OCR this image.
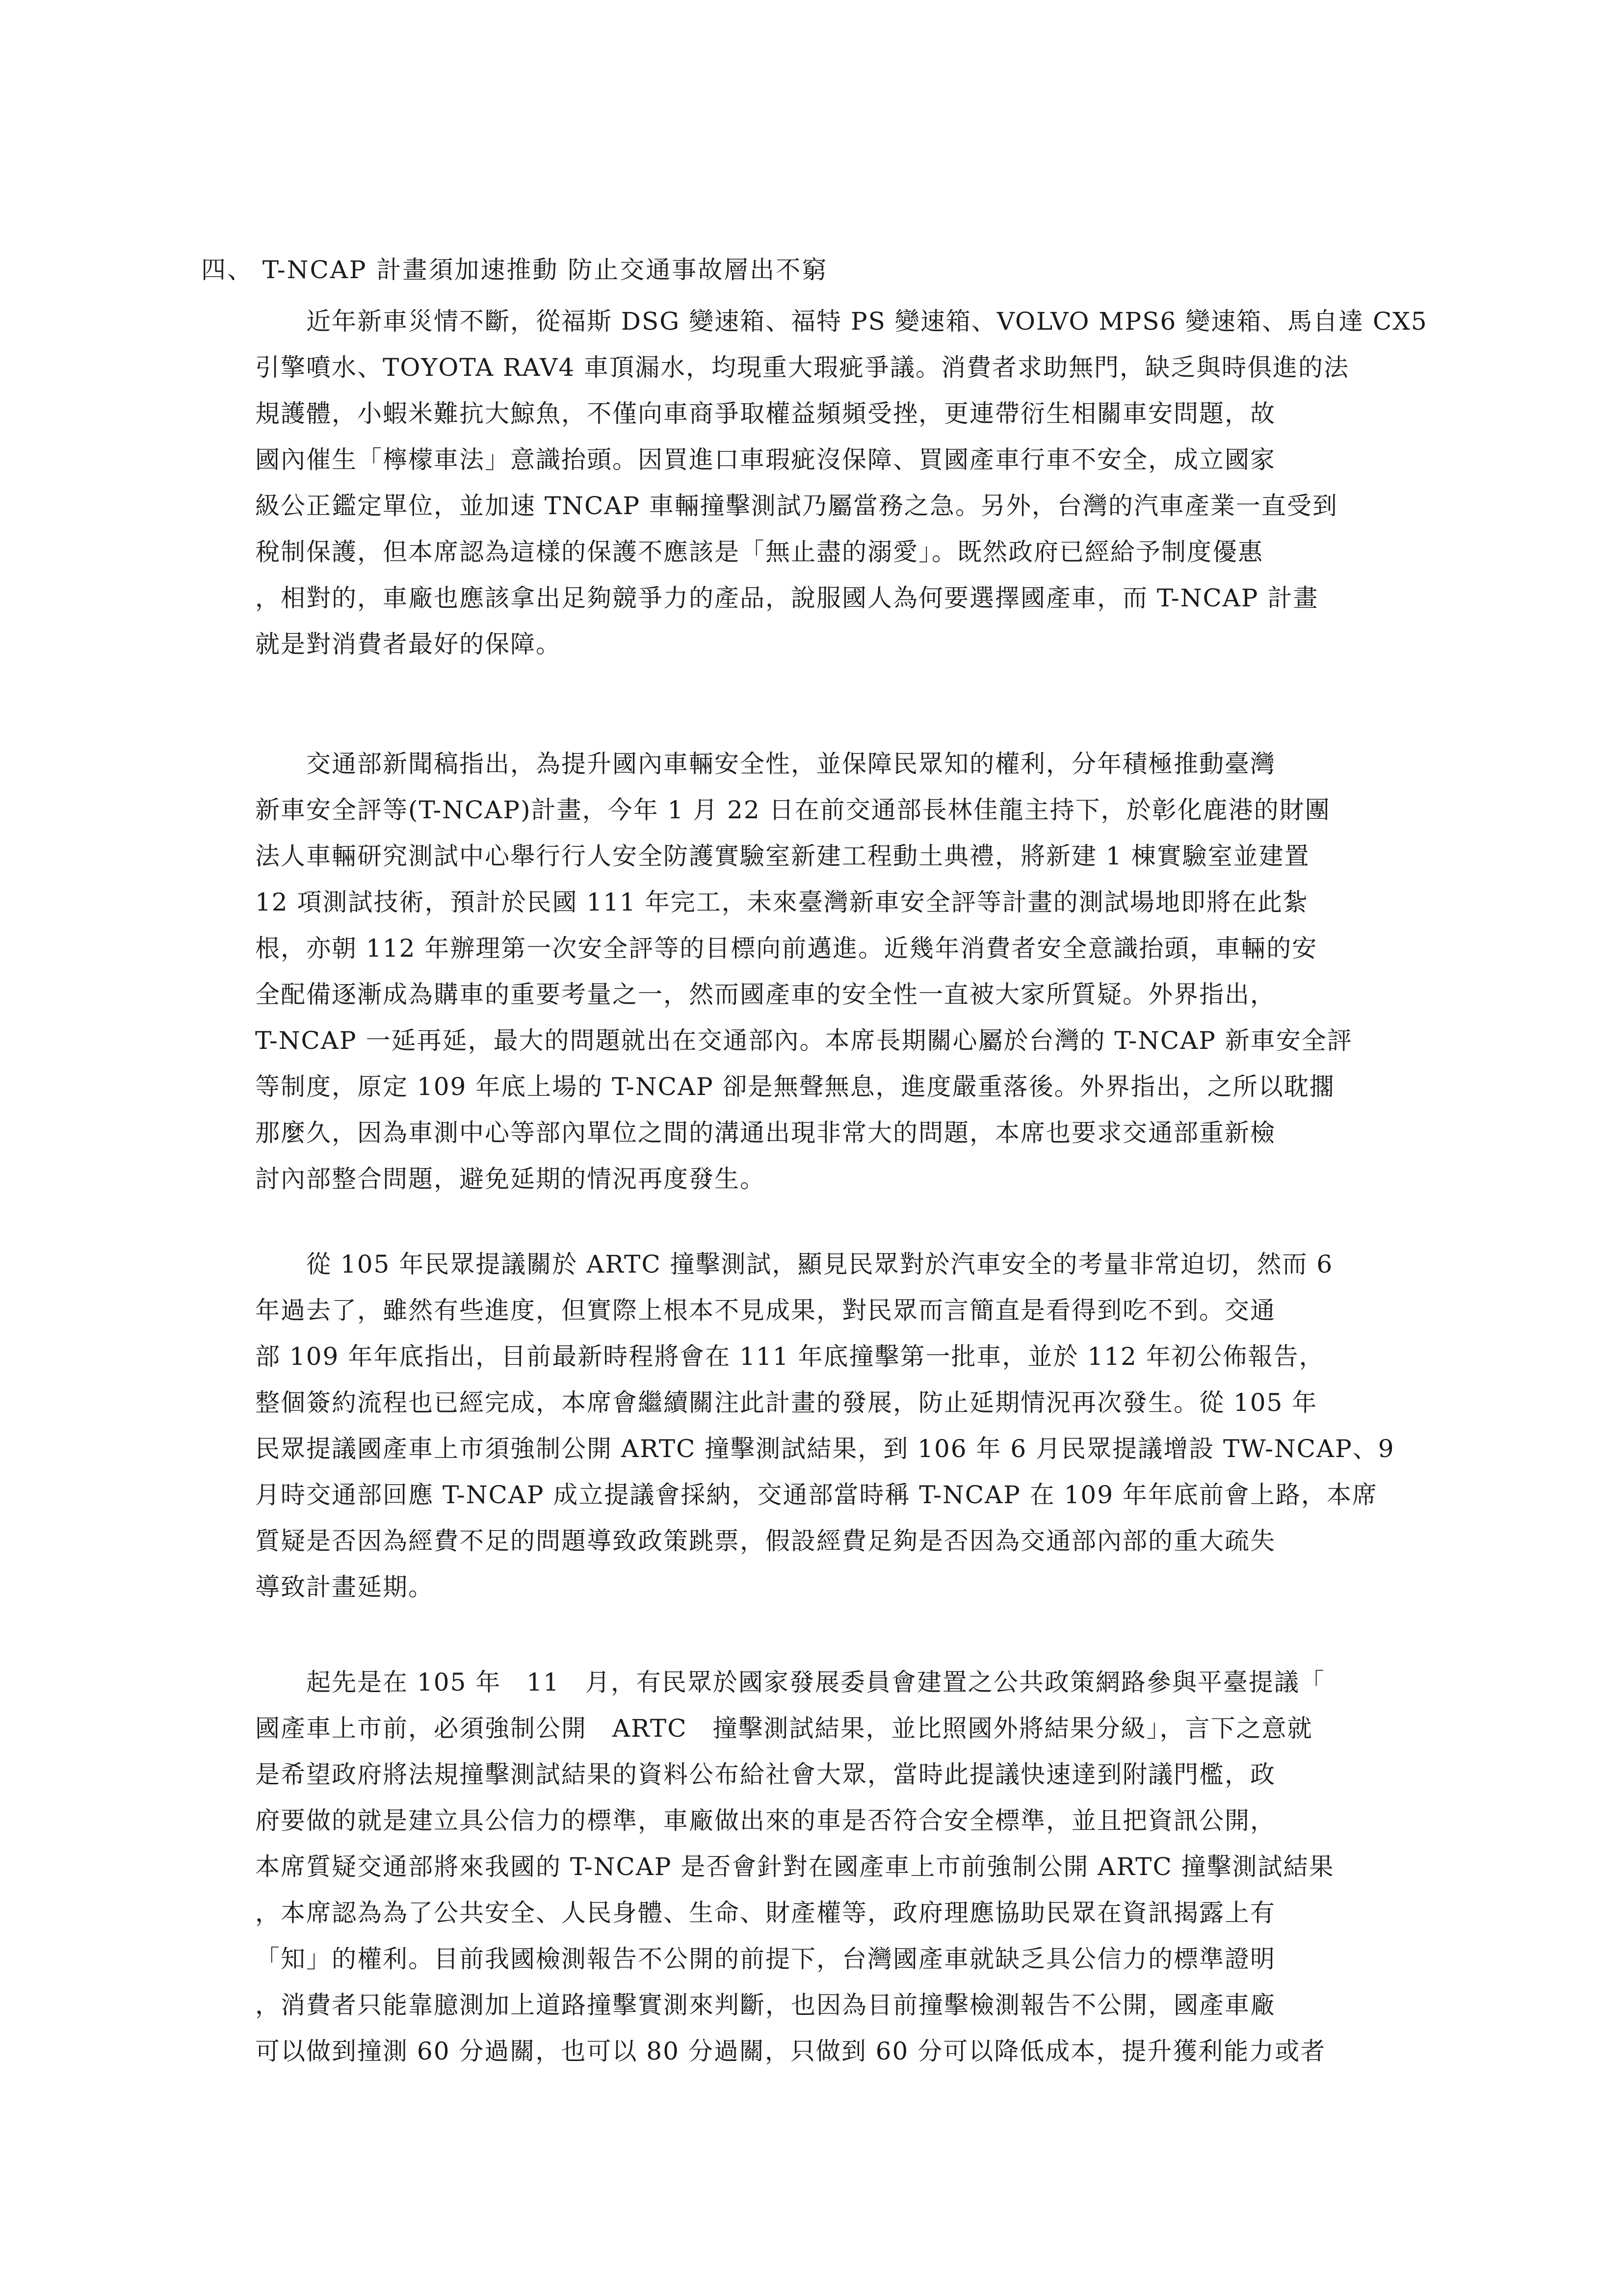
四、 T-NCAP 計畫須加速推動 防止交通事故層出不窮
　　近年新車災情不斷，從福斯 DSG 變速箱、福特 PS 變速箱、VOLVO MPS6 變速箱、馬自達 CX5
引擎噴水、TOYOTA RAV4 車頂漏水，均現重大瑕疵爭議。消費者求助無門，缺乏與時俱進的法
規護體，小蝦米難抗大鯨魚，不僅向車商爭取權益頻頻受挫，更連帶衍生相關車安問題，故
國內催生「檸檬車法」意識抬頭。因買進口車瑕疵沒保障、買國產車行車不安全，成立國家
級公正鑑定單位，並加速 TNCAP 車輛撞擊測試乃屬當務之急。另外，台灣的汽車產業一直受到
稅制保護，但本席認為這樣的保護不應該是「無止盡的溺愛」。既然政府已經給予制度優惠
，相對的，車廠也應該拿出足夠競爭力的產品，說服國人為何要選擇國產車，而 T-NCAP 計畫
就是對消費者最好的保障。
　　交通部新聞稿指出，為提升國內車輛安全性，並保障民眾知的權利，分年積極推動臺灣
新車安全評等(T-NCAP)計畫，今年 1 月 22 日在前交通部長林佳龍主持下，於彰化鹿港的財團
法人車輛研究測試中心舉行行人安全防護實驗室新建工程動土典禮，將新建 1 棟實驗室並建置
12 項測試技術，預計於民國 111 年完工，未來臺灣新車安全評等計畫的測試場地即將在此紮
根，亦朝 112 年辦理第一次安全評等的目標向前邁進。近幾年消費者安全意識抬頭，車輛的安
全配備逐漸成為購車的重要考量之一，然而國產車的安全性一直被大家所質疑。外界指出，
T-NCAP 一延再延，最大的問題就出在交通部內。本席長期關心屬於台灣的 T-NCAP 新車安全評
等制度，原定 109 年底上場的 T-NCAP 卻是無聲無息，進度嚴重落後。外界指出，之所以耽擱
那麼久，因為車測中心等部內單位之間的溝通出現非常大的問題，本席也要求交通部重新檢
討內部整合問題，避免延期的情況再度發生。
　　從 105 年民眾提議關於 ARTC 撞擊測試，顯見民眾對於汽車安全的考量非常迫切，然而 6
年過去了，雖然有些進度，但實際上根本不見成果，對民眾而言簡直是看得到吃不到。交通
部 109 年年底指出，目前最新時程將會在 111 年底撞擊第一批車，並於 112 年初公佈報告，
整個簽約流程也已經完成，本席會繼續關注此計畫的發展，防止延期情況再次發生。從 105 年
民眾提議國產車上市須強制公開 ARTC 撞擊測試結果，到 106 年 6 月民眾提議增設 TW-NCAP、9
月時交通部回應 T-NCAP 成立提議會採納，交通部當時稱 T-NCAP 在 109 年年底前會上路，本席
質疑是否因為經費不足的問題導致政策跳票，假設經費足夠是否因為交通部內部的重大疏失
導致計畫延期。
　　起先是在 105 年　11　月，有民眾於國家發展委員會建置之公共政策網路參與平臺提議「
國產車上市前，必須強制公開　ARTC　撞擊測試結果，並比照國外將結果分級」，言下之意就
是希望政府將法規撞擊測試結果的資料公布給社會大眾，當時此提議快速達到附議門檻，政
府要做的就是建立具公信力的標準，車廠做出來的車是否符合安全標準，並且把資訊公開，
本席質疑交通部將來我國的 T-NCAP 是否會針對在國產車上市前強制公開 ARTC 撞擊測試結果
，本席認為為了公共安全、人民身體、生命、財產權等，政府理應協助民眾在資訊揭露上有
「知」的權利。目前我國檢測報告不公開的前提下，台灣國產車就缺乏具公信力的標準證明
，消費者只能靠臆測加上道路撞擊實測來判斷，也因為目前撞擊檢測報告不公開，國產車廠
可以做到撞測 60 分過關，也可以 80 分過關，只做到 60 分可以降低成本，提升獲利能力或者
